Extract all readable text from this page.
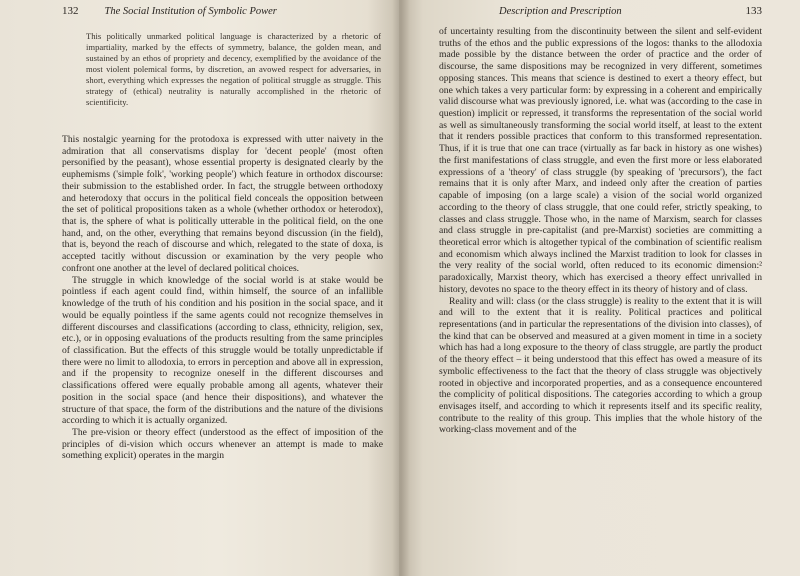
132 The Social Institution of Symbolic Power
This politically unmarked political language is characterized by a rhetoric of impartiality, marked by the effects of symmetry, balance, the golden mean, and sustained by an ethos of propriety and decency, exemplified by the avoidance of the most violent polemical forms, by discretion, an avowed respect for adversaries, in short, everything which expresses the negation of political struggle as struggle. This strategy of (ethical) neutrality is naturally accomplished in the rhetoric of scientificity.

This nostalgic yearning for the protodoxa is expressed with utter naivety in the admiration that all conservatisms display for 'decent people' (most often personified by the peasant), whose essential property is designated clearly by the euphemisms ('simple folk', 'working people') which feature in orthodox discourse: their submission to the established order. In fact, the struggle between orthodoxy and heterodoxy that occurs in the political field conceals the opposition between the set of political propositions taken as a whole (whether orthodox or heterodox), that is, the sphere of what is politically utterable in the political field, on the one hand, and, on the other, everything that remains beyond discussion (in the field), that is, beyond the reach of discourse and which, relegated to the state of doxa, is accepted tacitly without discussion or examination by the very people who confront one another at the level of declared political choices.

The struggle in which knowledge of the social world is at stake would be pointless if each agent could find, within himself, the source of an infallible knowledge of the truth of his condition and his position in the social space, and it would be equally pointless if the same agents could not recognize themselves in different discourses and classifications (according to class, ethnicity, religion, sex, etc.), or in opposing evaluations of the products resulting from the same principles of classification. But the effects of this struggle would be totally unpredictable if there were no limit to allodoxia, to errors in perception and above all in expression, and if the propensity to recognize oneself in the different discourses and classifications offered were equally probable among all agents, whatever their position in the social space (and hence their dispositions), and whatever the structure of that space, the form of the distributions and the nature of the divisions according to which it is actually organized.

The pre-vision or theory effect (understood as the effect of imposition of the principles of di-vision which occurs whenever an attempt is made to make something explicit) operates in the margin

Description and Prescription	133

of uncertainty resulting from the discontinuity between the silent and self-evident truths of the ethos and the public expressions of the logos: thanks to the allodoxia made possible by the distance between the order of practice and the order of discourse, the same dispositions may be recognized in very different, sometimes opposing stances. This means that science is destined to exert a theory effect, but one which takes a very particular form: by expressing in a coherent and empirically valid discourse what was previously ignored, i.e. what was (according to the case in question) implicit or repressed, it transforms the representation of the social world as well as simultaneously transforming the social world itself, at least to the extent that it renders possible practices that conform to this transformed representation. Thus, if it is true that one can trace (virtually as far back in history as one wishes) the first manifestations of class struggle, and even the first more or less elaborated expressions of a 'theory' of class struggle (by speaking of 'precursors'), the fact remains that it is only after Marx, and indeed only after the creation of parties capable of imposing (on a large scale) a vision of the social world organized according to the theory of class struggle, that one could refer, strictly speaking, to classes and class struggle. Those who, in the name of Marxism, search for classes and class struggle in pre-capitalist (and pre-Marxist) societies are committing a theoretical error which is altogether typical of the combination of scientific realism and economism which always inclined the Marxist tradition to look for classes in the very reality of the social world, often reduced to its economic dimension:² paradoxically, Marxist theory, which has exercised a theory effect unrivalled in history, devotes no space to the theory effect in its theory of history and of class.

Reality and will: class (or the class struggle) is reality to the extent that it is will and will to the extent that it is reality. Political practices and political representations (and in particular the representations of the division into classes), of the kind that can be observed and measured at a given moment in time in a society which has had a long exposure to the theory of class struggle, are partly the product of the theory effect – it being understood that this effect has owed a measure of its symbolic effectiveness to the fact that the theory of class struggle was objectively rooted in objective and incorporated properties, and as a consequence encountered the complicity of political dispositions. The categories according to which a group envisages itself, and according to which it represents itself and its specific reality, contribute to the reality of this group. This implies that the whole history of the working-class movement and of the
